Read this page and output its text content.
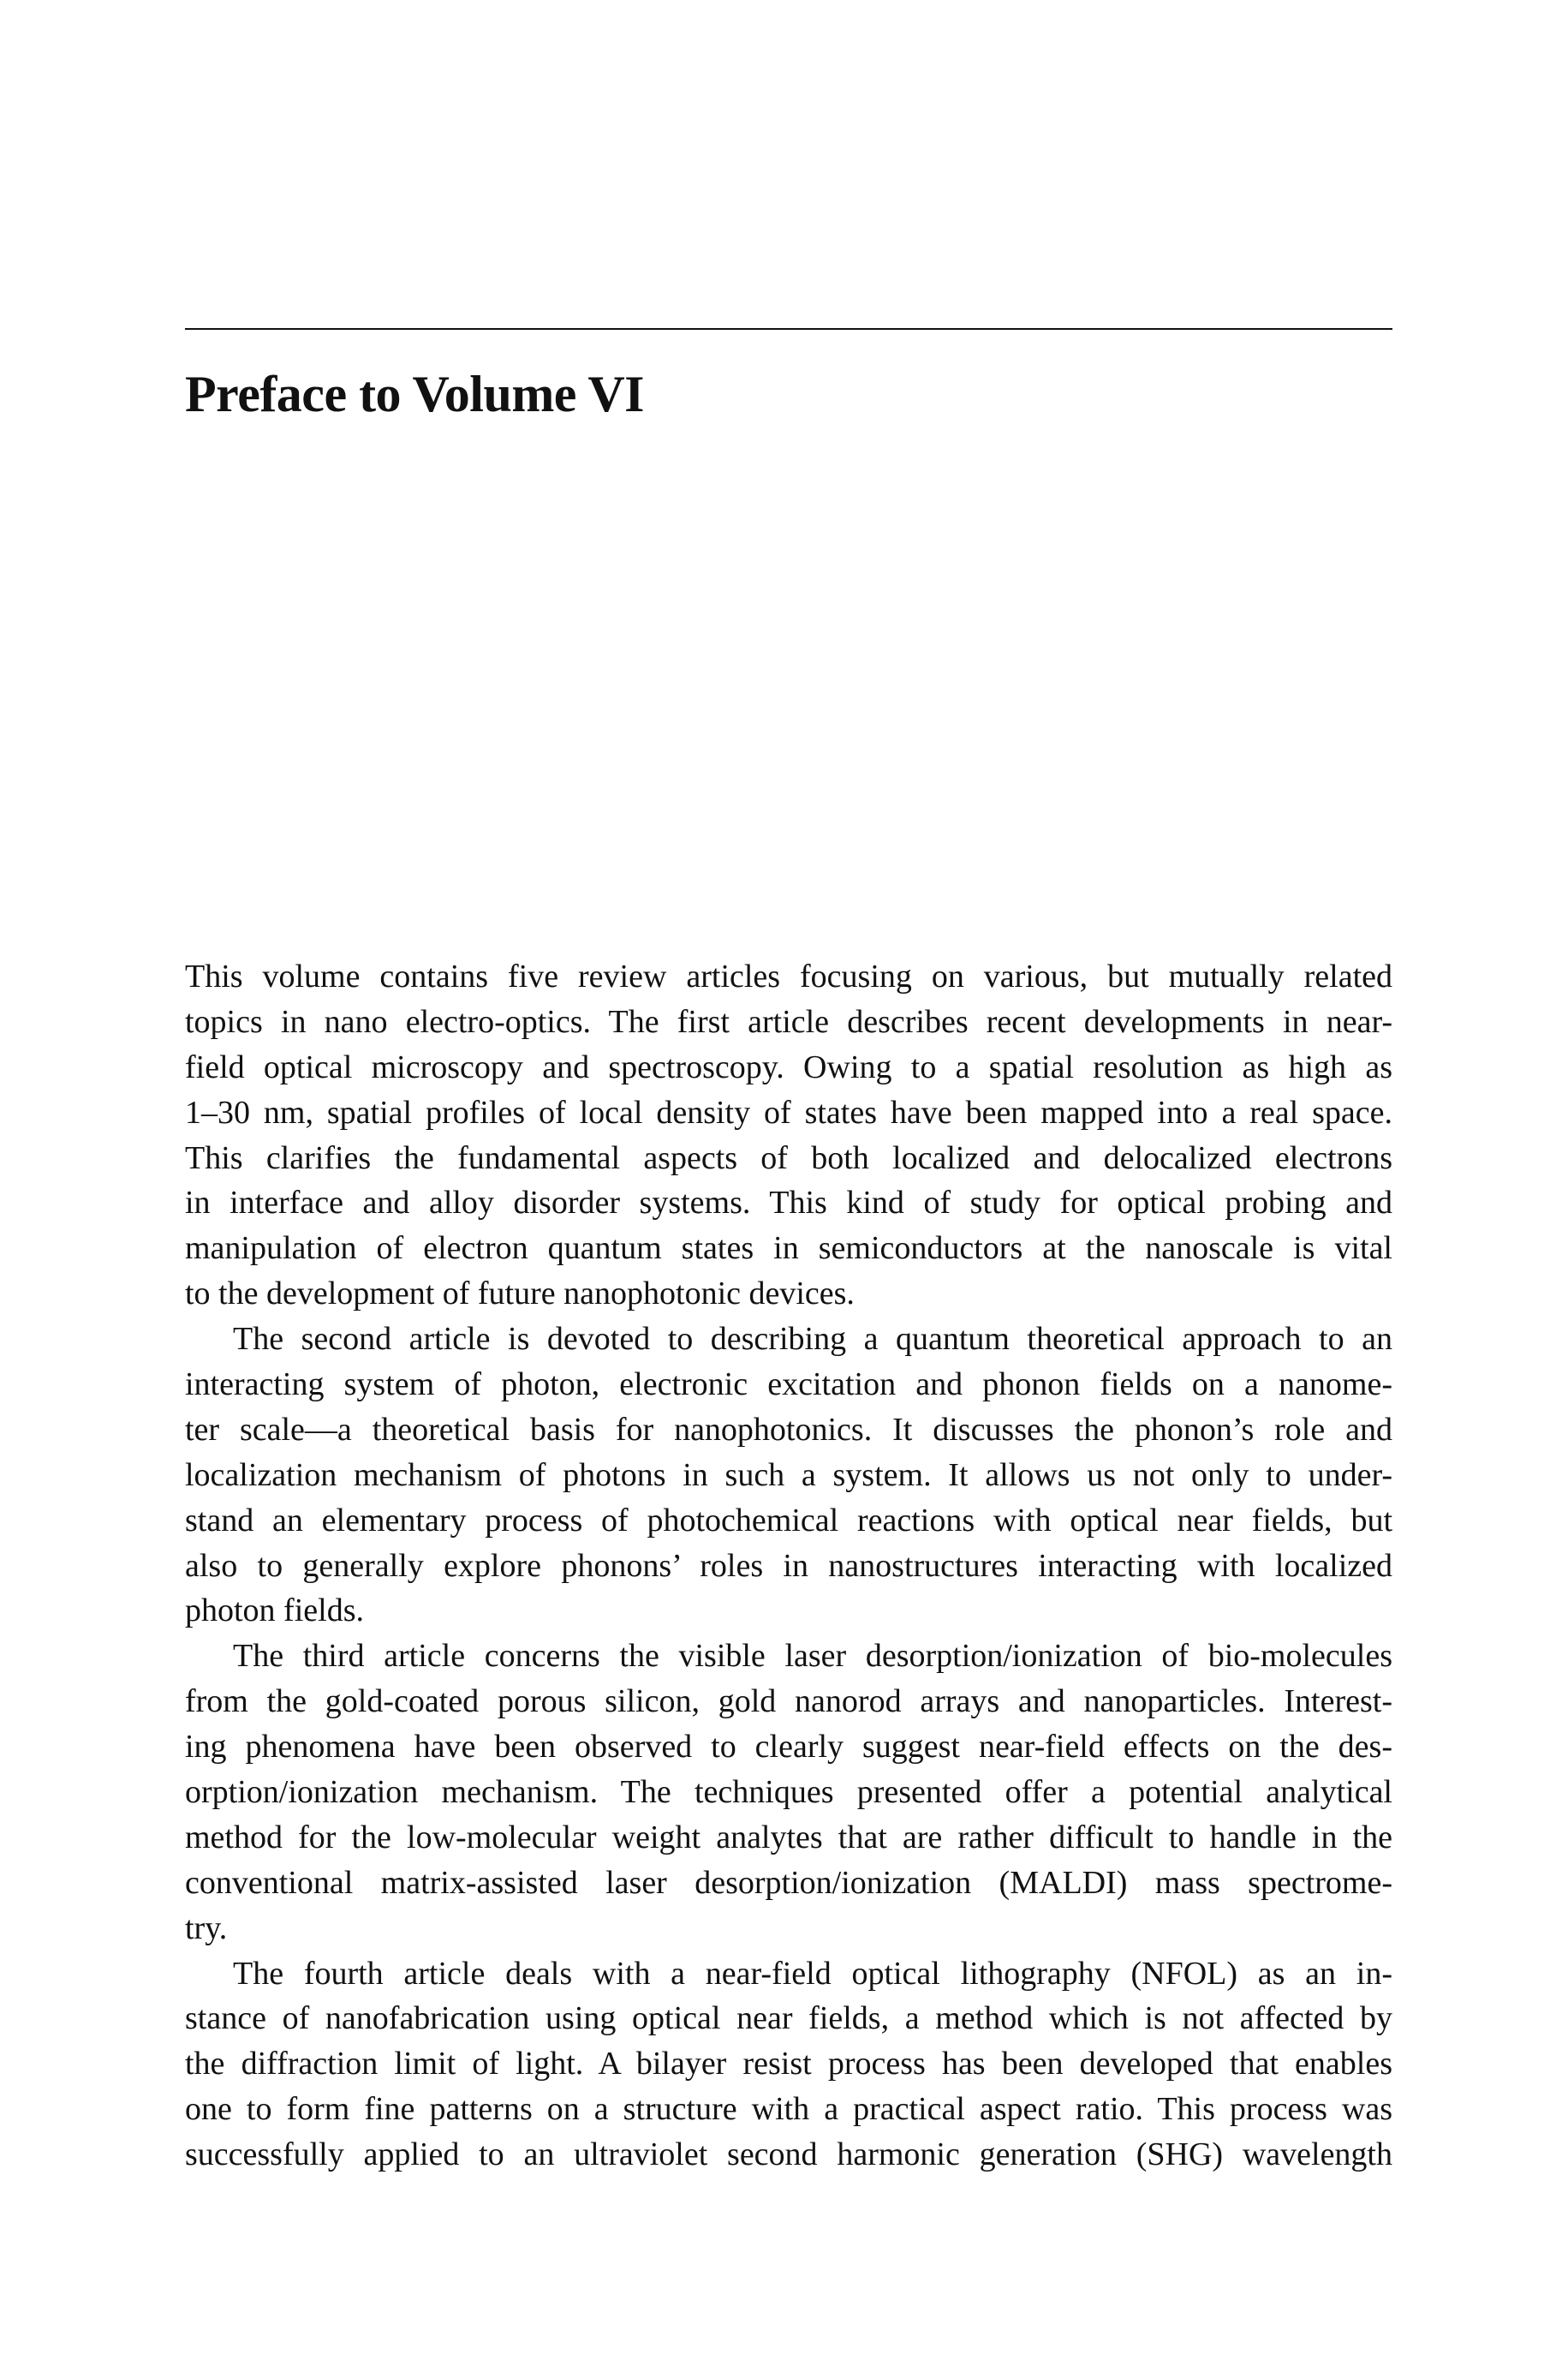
Preface to Volume VI

This volume contains five review articles focusing on various, but mutually related
topics in nano electro-optics. The first article describes recent developments in near-
field optical microscopy and spectroscopy. Owing to a spatial resolution as high as
1–30 nm, spatial profiles of local density of states have been mapped into a real space.
This clarifies the fundamental aspects of both localized and delocalized electrons
in interface and alloy disorder systems. This kind of study for optical probing and
manipulation of electron quantum states in semiconductors at the nanoscale is vital
to the development of future nanophotonic devices.

The second article is devoted to describing a quantum theoretical approach to an
interacting system of photon, electronic excitation and phonon fields on a nanome-
ter scale—a theoretical basis for nanophotonics. It discusses the phonon’s role and
localization mechanism of photons in such a system. It allows us not only to under-
stand an elementary process of photochemical reactions with optical near fields, but
also to generally explore phonons’ roles in nanostructures interacting with localized
photon fields.

The third article concerns the visible laser desorption/ionization of bio-molecules
from the gold-coated porous silicon, gold nanorod arrays and nanoparticles. Interest-
ing phenomena have been observed to clearly suggest near-field effects on the des-
orption/ionization mechanism. The techniques presented offer a potential analytical
method for the low-molecular weight analytes that are rather difficult to handle in the
conventional matrix-assisted laser desorption/ionization (MALDI) mass spectrome-
try.

The fourth article deals with a near-field optical lithography (NFOL) as an in-
stance of nanofabrication using optical near fields, a method which is not affected by
the diffraction limit of light. A bilayer resist process has been developed that enables
one to form fine patterns on a structure with a practical aspect ratio. This process was
successfully applied to an ultraviolet second harmonic generation (SHG) wavelength
